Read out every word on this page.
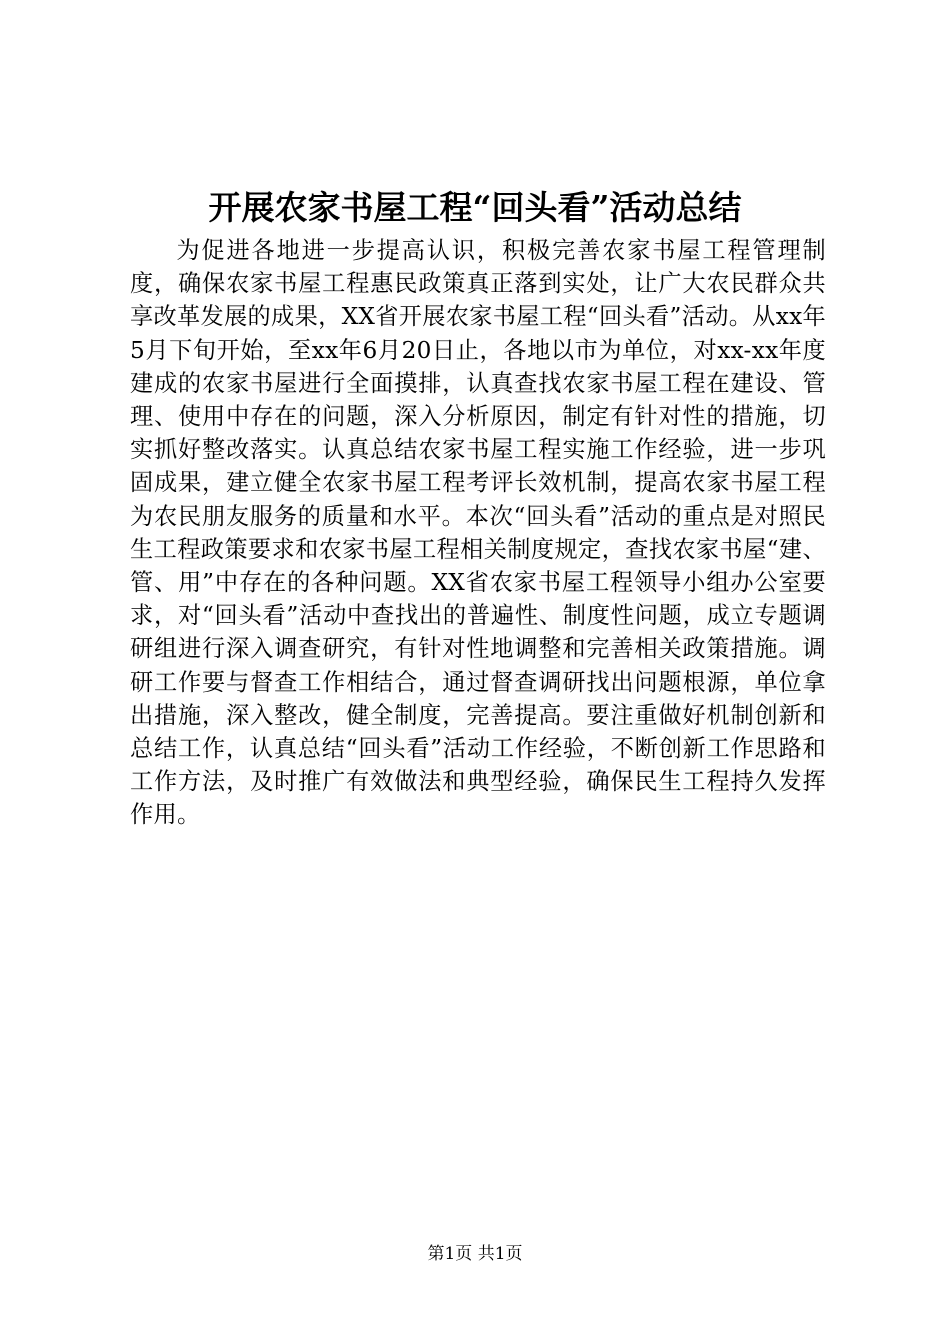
开展农家书屋工程“回头看”活动总结

为促进各地进一步提高认识，积极完善农家书屋工程管理制度，确保农家书屋工程惠民政策真正落到实处，让广大农民群众共享改革发展的成果，XX省开展农家书屋工程“回头看”活动。从xx年5月下旬开始，至xx年6月20日止，各地以市为单位，对xx-xx年度建成的农家书屋进行全面摸排，认真查找农家书屋工程在建设、管理、使用中存在的问题，深入分析原因，制定有针对性的措施，切实抓好整改落实。认真总结农家书屋工程实施工作经验，进一步巩固成果，建立健全农家书屋工程考评长效机制，提高农家书屋工程为农民朋友服务的质量和水平。本次“回头看”活动的重点是对照民生工程政策要求和农家书屋工程相关制度规定，查找农家书屋“建、管、用”中存在的各种问题。XX省农家书屋工程领导小组办公室要求，对“回头看”活动中查找出的普遍性、制度性问题，成立专题调研组进行深入调查研究，有针对性地调整和完善相关政策措施。调研工作要与督查工作相结合，通过督查调研找出问题根源，单位拿出措施，深入整改，健全制度，完善提高。要注重做好机制创新和总结工作，认真总结“回头看”活动工作经验，不断创新工作思路和工作方法，及时推广有效做法和典型经验，确保民生工程持久发挥作用。

第1页 共1页
